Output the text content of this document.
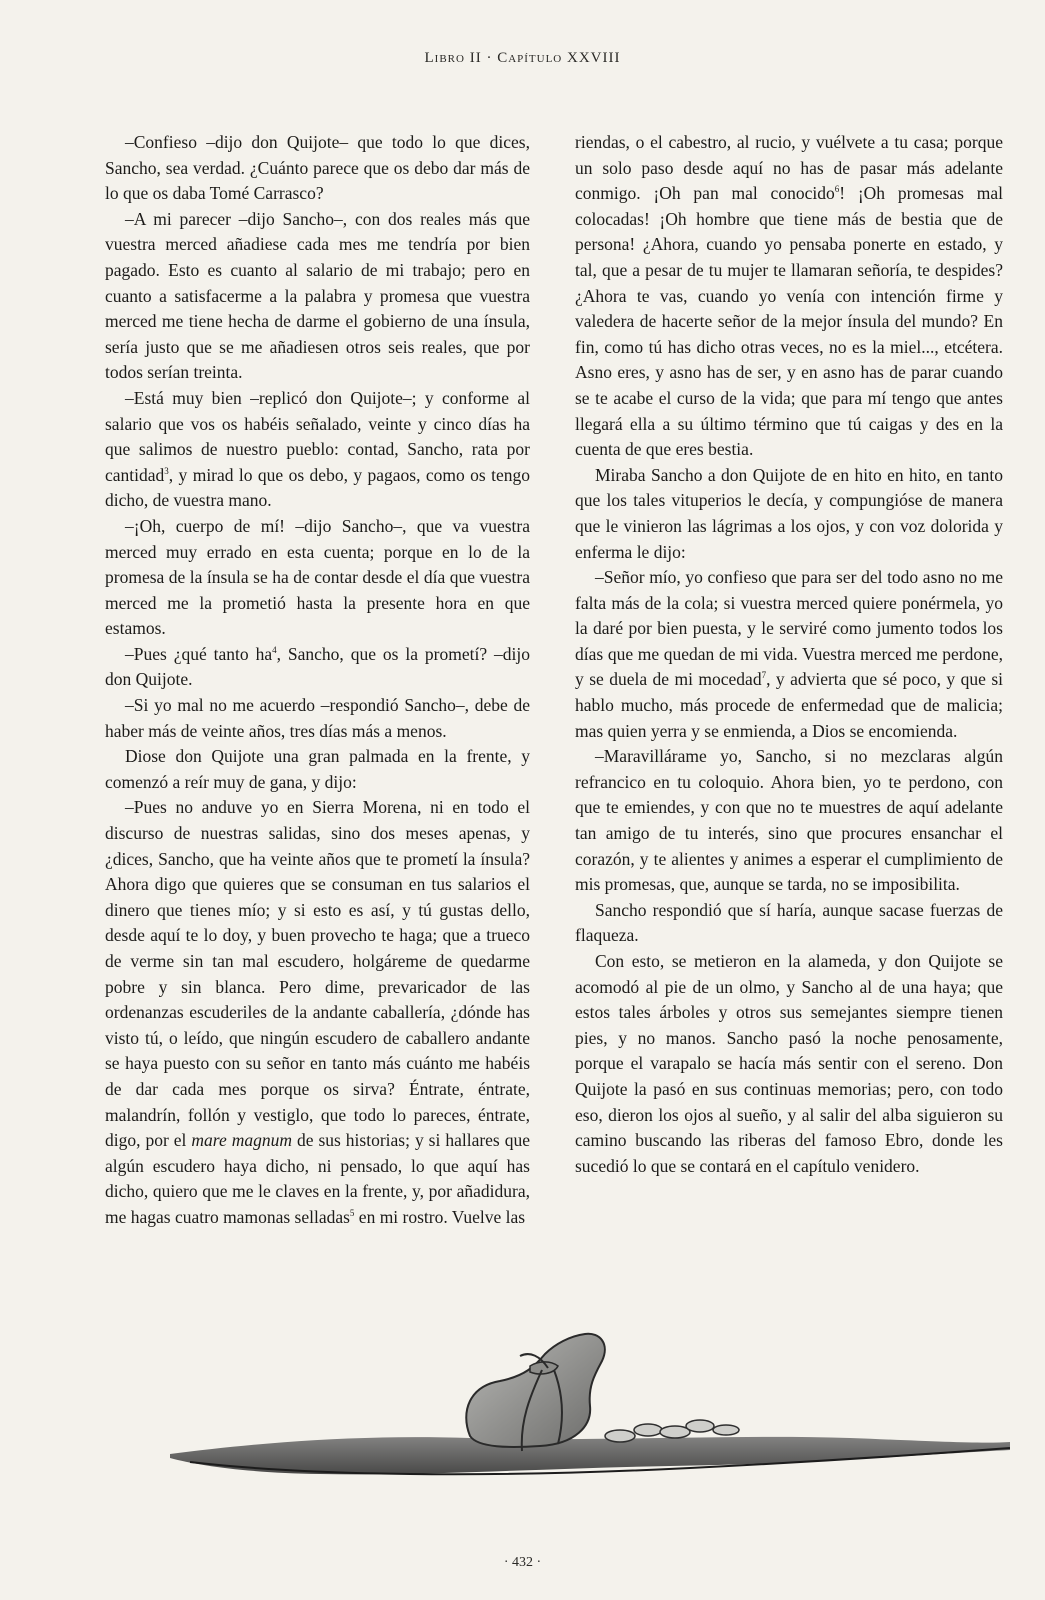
Libro II · Capítulo XXVIII

–Confieso –dijo don Quijote– que todo lo que dices, Sancho, sea verdad. ¿Cuánto parece que os debo dar más de lo que os daba Tomé Carrasco?

–A mi parecer –dijo Sancho–, con dos reales más que vuestra merced añadiese cada mes me tendría por bien pagado. Esto es cuanto al salario de mi trabajo; pero en cuanto a satisfacerme a la palabra y promesa que vuestra merced me tiene hecha de darme el gobierno de una ínsula, sería justo que se me añadiesen otros seis reales, que por todos serían treinta.

–Está muy bien –replicó don Quijote–; y conforme al salario que vos os habéis señalado, veinte y cinco días ha que salimos de nuestro pueblo: contad, Sancho, rata por cantidad$^3$, y mirad lo que os debo, y pagaos, como os tengo dicho, de vuestra mano.

–¡Oh, cuerpo de mí! –dijo Sancho–, que va vuestra merced muy errado en esta cuenta; porque en lo de la promesa de la ínsula se ha de contar desde el día que vuestra merced me la prometió hasta la presente hora en que estamos.

–Pues ¿qué tanto $ha^4$, Sancho, que os la prometí? –dijo don Quijote.

–Si yo mal no me acuerdo –respondió Sancho–, debe de haber más de veinte años, tres días más a menos.

Diose don Quijote una gran palmada en la frente, y comenzó a reír muy de gana, y dijo:

–Pues no anduve yo en Sierra Morena, ni en todo el discurso de nuestras salidas, sino dos meses apenas, y ¿dices, Sancho, que ha veinte años que te prometí la ínsula? Ahora digo que quieres que se consuman en tus salarios el dinero que tienes mío; y si esto es así, y tú gustas dello, desde aquí te lo doy, y buen provecho te haga; que a trueco de verme sin tan mal escudero, holgáreme de quedarme pobre y sin blanca. Pero dime, prevaricador de las ordenanzas escuderiles de la andante caballería, ¿dónde has visto tú, o leído, que ningún escudero de caballero andante se haya puesto con su señor en tanto más cuánto me habéis de dar cada mes porque os sirva? Éntrate, éntrate, malandrín, follón y vestiglo, que todo lo pareces, éntrate, digo, por el mare magnum de sus historias; y si hallares que algún escudero haya dicho, ni pensado, lo que aquí has dicho, quiero que me le claves en la frente, y, por añadidura, me hagas cuatro mamonas selladas$^5$ en mi rostro. Vuelve las

riendas, o el cabestro, al rucio, y vuélvete a tu casa; porque un solo paso desde aquí no has de pasar más adelante conmigo. ¡Oh pan mal conocido$^6$! ¡Oh promesas mal colocadas! ¡Oh hombre que tiene más de bestia que de persona! ¿Ahora, cuando yo pensaba ponerte en estado, y tal, que a pesar de tu mujer te llamaran señoría, te despides? ¿Ahora te vas, cuando yo venía con intención firme y valedera de hacerte señor de la mejor ínsula del mundo? En fin, como tú has dicho otras veces, no es la miel..., etcétera. Asno eres, y asno has de ser, y en asno has de parar cuando se te acabe el curso de la vida; que para mí tengo que antes llegará ella a su último término que tú caigas y des en la cuenta de que eres bestia.

Miraba Sancho a don Quijote de en hito en hito, en tanto que los tales vituperios le decía, y compungióse de manera que le vinieron las lágrimas a los ojos, y con voz dolorida y enferma le dijo:

–Señor mío, yo confieso que para ser del todo asno no me falta más de la cola; si vuestra merced quiere ponérmela, yo la daré por bien puesta, y le serviré como jumento todos los días que me quedan de mi vida. Vuestra merced me perdone, y se duela de mi mocedad$^7$, y advierta que sé poco, y que si hablo mucho, más procede de enfermedad que de malicia; mas quien yerra y se enmienda, a Dios se encomienda.

–Maravillárame yo, Sancho, si no mezclaras algún refrancico en tu coloquio. Ahora bien, yo te perdono, con que te emiendes, y con que no te muestres de aquí adelante tan amigo de tu interés, sino que procures ensanchar el corazón, y te alientes y animes a esperar el cumplimiento de mis promesas, que, aunque se tarda, no se imposibilita.

Sancho respondió que sí haría, aunque sacase fuerzas de flaqueza.

Con esto, se metieron en la alameda, y don Quijote se acomodó al pie de un olmo, y Sancho al de una haya; que estos tales árboles y otros sus semejantes siempre tienen pies, y no manos. Sancho pasó la noche penosamente, porque el varapalo se hacía más sentir con el sereno. Don Quijote la pasó en sus continuas memorias; pero, con todo eso, dieron los ojos al sueño, y al salir del alba siguieron su camino buscando las riberas del famoso Ebro, donde les sucedió lo que se contará en el capítulo venidero.

· 432 ·
